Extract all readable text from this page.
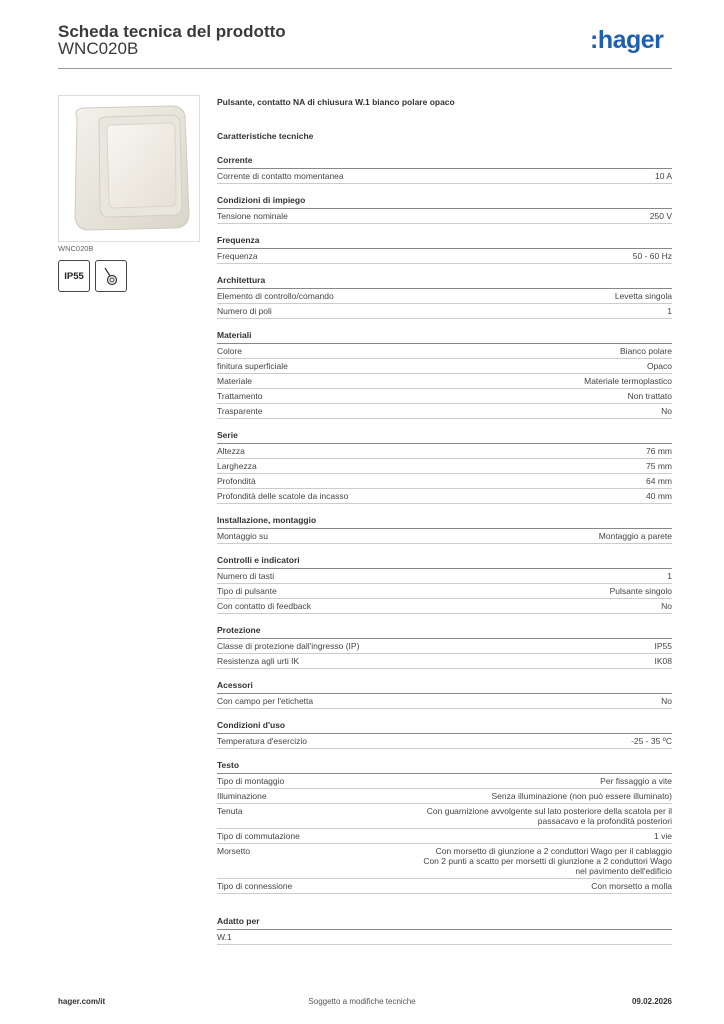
Scheda tecnica del prodotto
WNC020B	:hager
WNC020B
IP55
Pulsante, contatto NA di chiusura W.1 bianco polare opaco
Caratteristiche tecniche
Corrente
Corrente di contatto momentanea	10 A
Condizioni di impiego
Tensione nominale	250 V
Frequenza
Frequenza	50 - 60 Hz
Architettura
Elemento di controllo/comando	Levetta singola
Numero di poli	1
Materiali
Colore	Bianco polare
finitura superficiale	Opaco
Materiale	Materiale termoplastico
Trattamento	Non trattato
Trasparente	No
Serie
Altezza	76 mm
Larghezza	75 mm
Profondità	64 mm
Profondità delle scatole da incasso	40 mm
Installazione, montaggio
Montaggio su	Montaggio a parete
Controlli e indicatori
Numero di tasti	1
Tipo di pulsante	Pulsante singolo
Con contatto di feedback	No
Protezione
Classe di protezione dall'ingresso (IP)	IP55
Resistenza agli urti IK	IK08
Acessori
Con campo per l'etichetta	No
Condizioni d'uso
Temperatura d'esercizio	-25 - 35 ºC
Testo
Tipo di montaggio	Per fissaggio a vite
Illuminazione	Senza illuminazione (non può essere illuminato)
Tenuta	Con guarnizione avvolgente sul lato posteriore della scatola per il
passacavo e la profondità posteriori
Tipo di commutazione	1 vie
Morsetto	Con morsetto di giunzione a 2 conduttori Wago per il cablaggio
Con 2 punti a scatto per morsetti di giunzione a 2 conduttori Wago
nel pavimento dell'edificio
Tipo di connessione	Con morsetto a molla
Adatto per
W.1
hager.com/it	Soggetto a modifiche tecniche	09.02.2026
